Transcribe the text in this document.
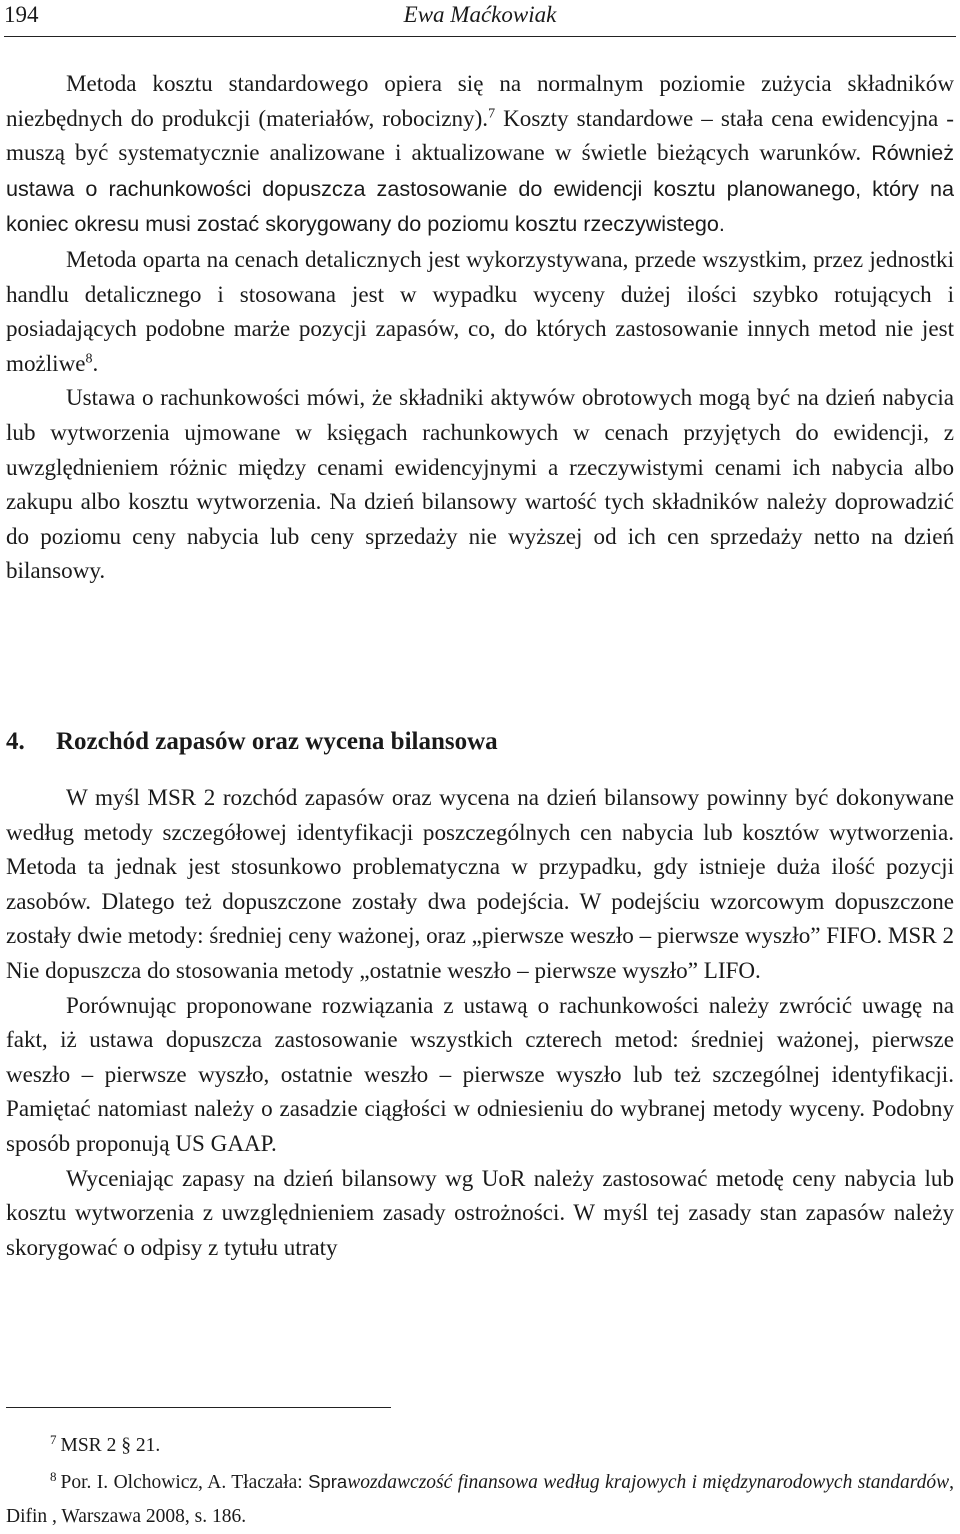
194	Ewa Maćkowiak

Metoda kosztu standardowego opiera się na normalnym poziomie zużycia składników niezbędnych do produkcji (materiałów, robocizny).$^7$ Koszty standardowe – stała cena ewidencyjna - muszą być systematycznie analizowane i aktualizowane w świetle bieżących warunków. Również ustawa o rachunkowości dopuszcza zastosowanie do ewidencji kosztu planowanego, który na koniec okresu musi zostać skorygowany do poziomu kosztu rzeczywistego.

Metoda oparta na cenach detalicznych jest wykorzystywana, przede wszystkim, przez jednostki handlu detalicznego i stosowana jest w wypadku wyceny dużej ilości szybko rotujących i posiadających podobne marże pozycji zapasów, co, do których zastosowanie innych metod nie jest możliwe$^8$.

Ustawa o rachunkowości mówi, że składniki aktywów obrotowych mogą być na dzień nabycia lub wytworzenia ujmowane w księgach rachunkowych w cenach przyjętych do ewidencji, z uwzględnieniem różnic między cenami ewidencyjnymi a rzeczywistymi cenami ich nabycia albo zakupu albo kosztu wytworzenia. Na dzień bilansowy wartość tych składników należy doprowadzić do poziomu ceny nabycia lub ceny sprzedaży nie wyższej od ich cen sprzedaży netto na dzień bilansowy.

4. Rozchód zapasów oraz wycena bilansowa

W myśl MSR 2 rozchód zapasów oraz wycena na dzień bilansowy powinny być dokonywane według metody szczegółowej identyfikacji poszczególnych cen nabycia lub kosztów wytworzenia. Metoda ta jednak jest stosunkowo problematyczna w przypadku, gdy istnieje duża ilość pozycji zasobów. Dlatego też dopuszczone zostały dwa podejścia. W podejściu wzorcowym dopuszczone zostały dwie metody: średniej ceny ważonej, oraz „pierwsze weszło – pierwsze wyszło” FIFO. MSR 2 Nie dopuszcza do stosowania metody „ostatnie weszło – pierwsze wyszło” LIFO.

Porównując proponowane rozwiązania z ustawą o rachunkowości należy zwrócić uwagę na fakt, iż ustawa dopuszcza zastosowanie wszystkich czterech metod: średniej ważonej, pierwsze weszło – pierwsze wyszło, ostatnie weszło – pierwsze wyszło lub też szczególnej identyfikacji. Pamiętać natomiast należy o zasadzie ciągłości w odniesieniu do wybranej metody wyceny. Podobny sposób proponują US GAAP.

Wyceniając zapasy na dzień bilansowy wg UoR należy zastosować metodę ceny nabycia lub kosztu wytworzenia z uwzględnieniem zasady ostrożności. W myśl tej zasady stan zapasów należy skorygować o odpisy z tytułu utraty

$^7$ MSR 2 § 21.
$^8$ Por. I. Olchowicz, A. Tłaczała: Sprawozdawczość finansowa według krajowych i międzynarodowych standardów, Difin , Warszawa 2008, s. 186.
